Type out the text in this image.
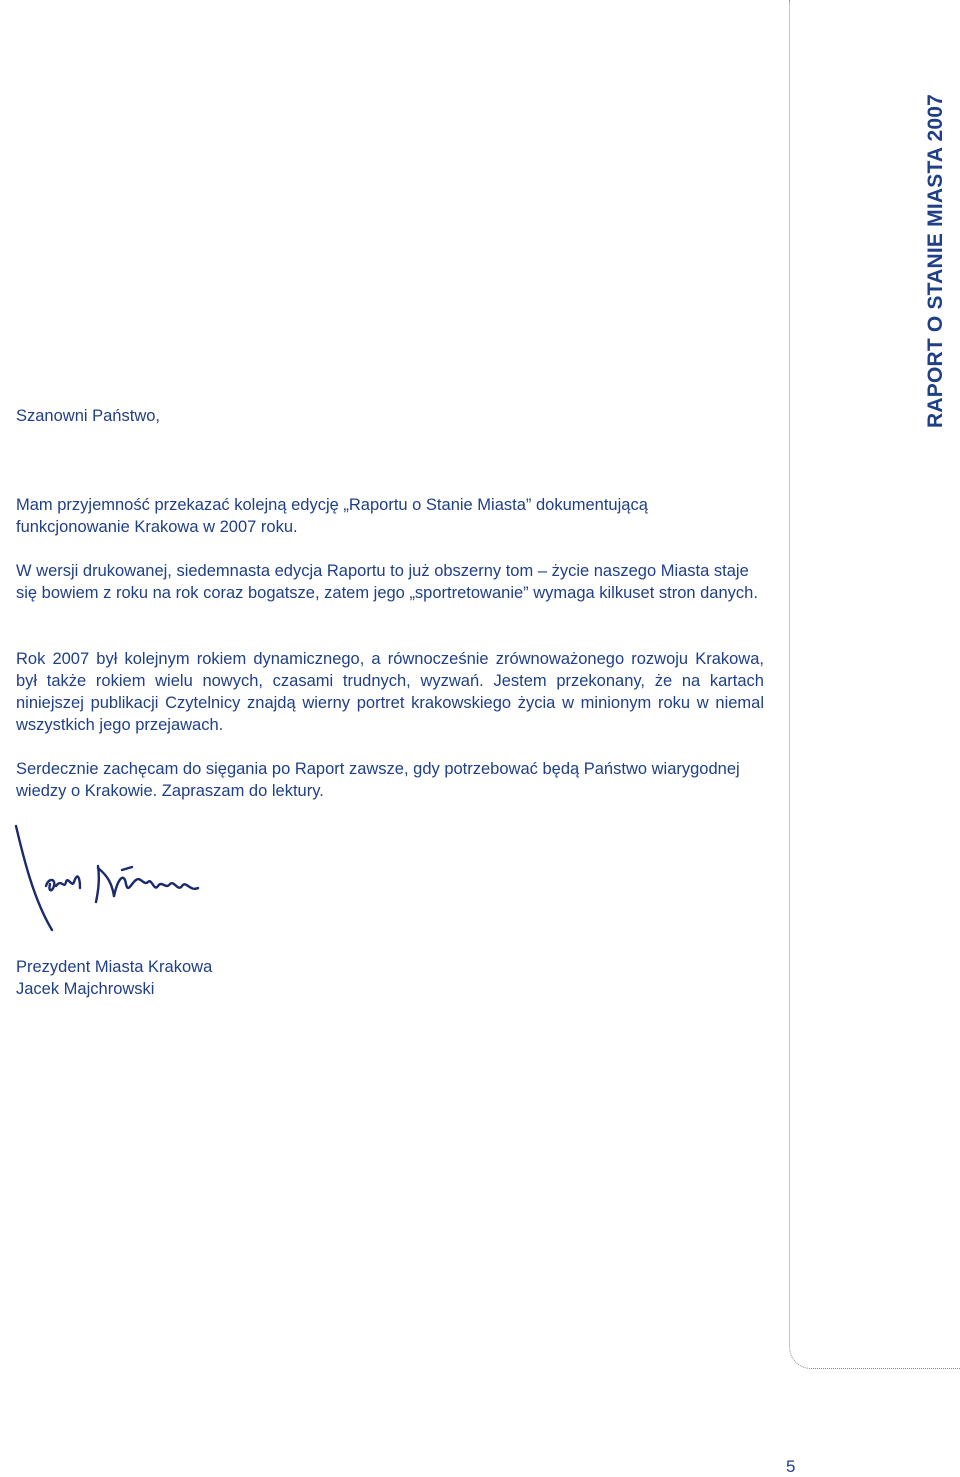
RAPORT O STANIE MIASTA 2007
Szanowni Państwo,

Mam przyjemność przekazać kolejną edycję „Raportu o Stanie Miasta” dokumentującą funkcjonowanie Krakowa w 2007 roku.

W wersji drukowanej, siedemnasta edycja Raportu to już obszerny tom – życie naszego Miasta staje się bowiem z roku na rok coraz bogatsze, zatem jego „sportretowanie” wymaga kilkuset stron danych.

Rok 2007 był kolejnym rokiem dynamicznego, a równocześnie zrównoważonego rozwoju Krakowa, był także rokiem wielu nowych, czasami trudnych, wyzwań. Jestem przekonany, że na kartach niniejszej publikacji Czytelnicy znajdą wierny portret krakowskiego życia w minionym roku w niemal wszystkich jego przejawach.

Serdecznie zachęcam do sięgania po Raport zawsze, gdy potrzebować będą Państwo wiarygodnej wiedzy o Krakowie. Zapraszam do lektury.

Prezydent Miasta Krakowa
Jacek Majchrowski
5
